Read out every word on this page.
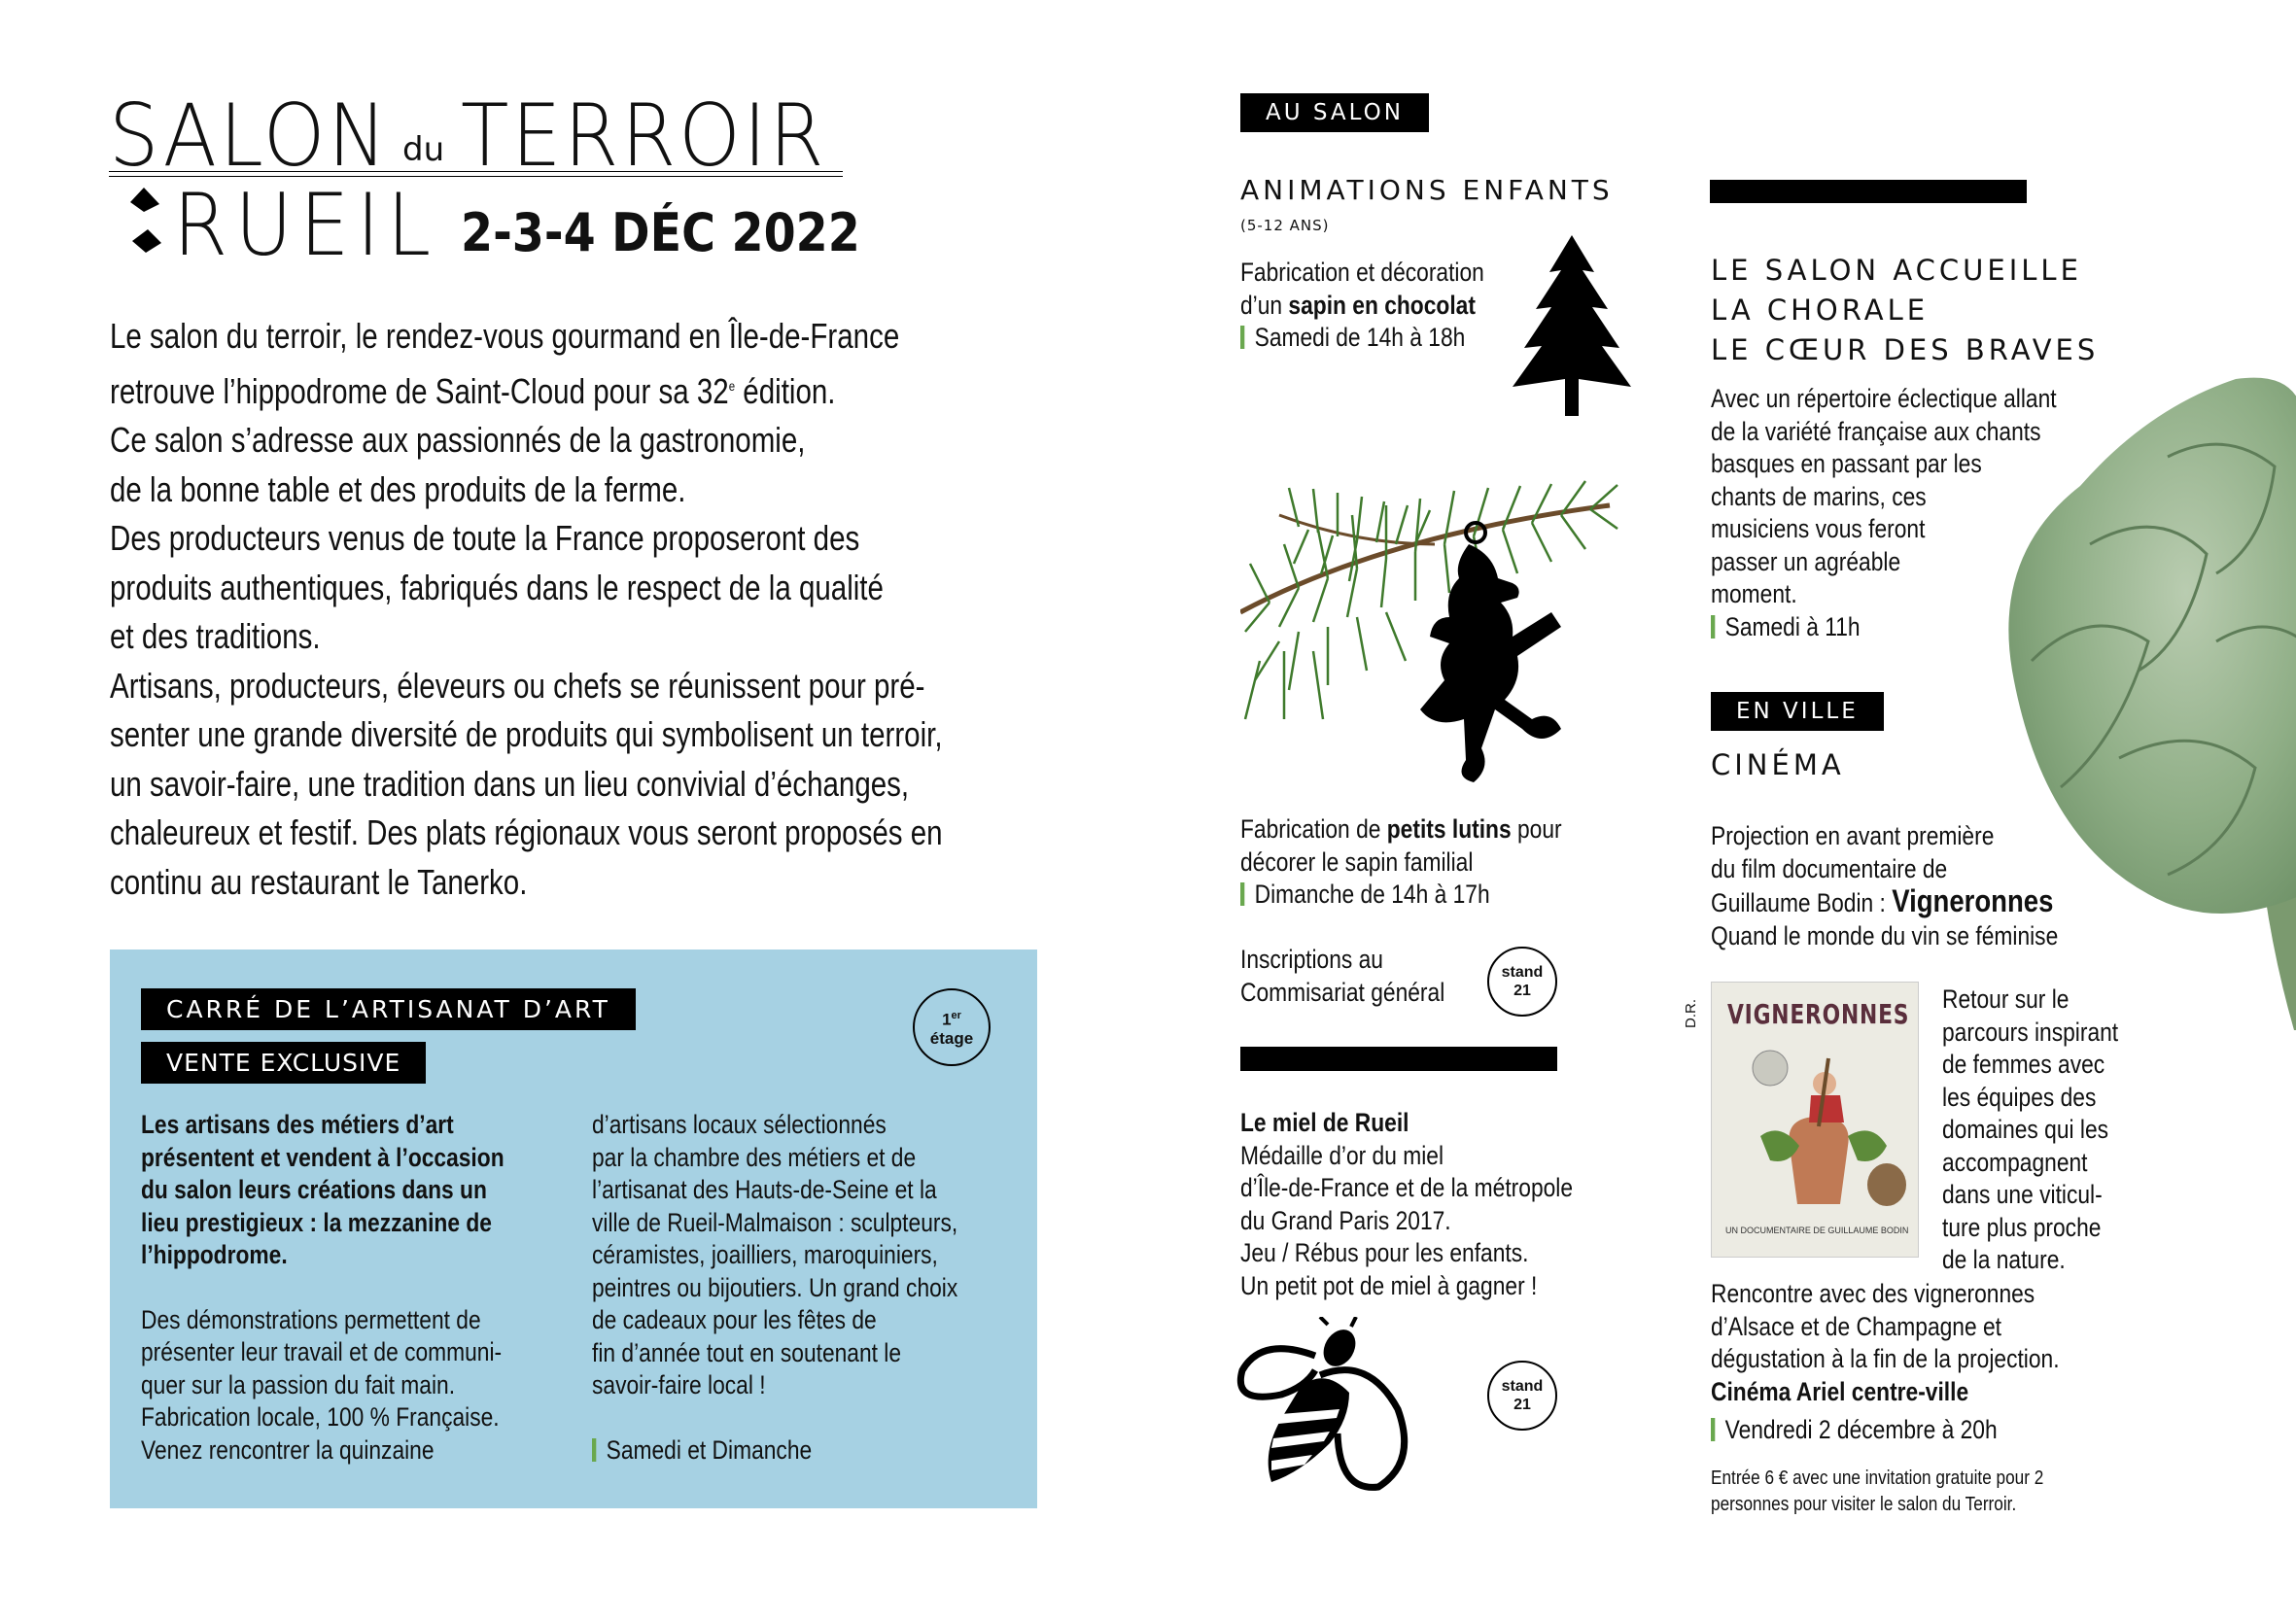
SALON du TERROIR
RUEIL 2-3-4 DÉC 2022
Le salon du terroir, le rendez-vous gourmand en Île-de-France
retrouve l’hippodrome de Saint-Cloud pour sa 32e édition.
Ce salon s’adresse aux passionnés de la gastronomie,
de la bonne table et des produits de la ferme.
Des producteurs venus de toute la France proposeront des
produits authentiques, fabriqués dans le respect de la qualité
et des traditions.
Artisans, producteurs, éleveurs ou chefs se réunissent pour pré-
senter une grande diversité de produits qui symbolisent un terroir,
un savoir-faire, une tradition dans un lieu convivial d’échanges,
chaleureux et festif. Des plats régionaux vous seront proposés en
continu au restaurant le Tanerko.
CARRÉ DE L’ARTISANAT D’ART
VENTE EXCLUSIVE
1er
étage
Les artisans des métiers d’art
présentent et vendent à l’occasion
du salon leurs créations dans un
lieu prestigieux : la mezzanine de
l’hippodrome.
Des démonstrations permettent de
présenter leur travail et de communi-
quer sur la passion du fait main.
Fabrication locale, 100 % Française.
Venez rencontrer la quinzaine
d’artisans locaux sélectionnés
par la chambre des métiers et de
l’artisanat des Hauts-de-Seine et la
ville de Rueil-Malmaison : sculpteurs,
céramistes, joailliers, maroquiniers,
peintres ou bijoutiers. Un grand choix
de cadeaux pour les fêtes de
fin d’année tout en soutenant le
savoir-faire local !
Samedi et Dimanche
AU SALON
ANIMATIONS ENFANTS
(5-12 ANS)
Fabrication et décoration
d’un sapin en chocolat
Samedi de 14h à 18h
Fabrication de petits lutins pour
décorer le sapin familial
Dimanche de 14h à 17h
Inscriptions au
Commisariat général
stand
21
Le miel de Rueil
Médaille d’or du miel
d’Île-de-France et de la métropole
du Grand Paris 2017.
Jeu / Rébus pour les enfants.
Un petit pot de miel à gagner !
stand
21
LE SALON ACCUEILLE
LA CHORALE
LE CŒUR DES BRAVES
Avec un répertoire éclectique allant
de la variété française aux chants
basques en passant par les
chants de marins, ces
musiciens vous feront
passer un agréable
moment.
Samedi à 11h
EN VILLE
CINÉMA
Projection en avant première
du film documentaire de
Guillaume Bodin : Vigneronnes
Quand le monde du vin se féminise
D.R. VIGNERONNES
UN DOCUMENTAIRE DE GUILLAUME BODIN
Retour sur le
parcours inspirant
de femmes avec
les équipes des
domaines qui les
accompagnent
dans une viticul-
ture plus proche
de la nature.
Rencontre avec des vigneronnes
d’Alsace et de Champagne et
dégustation à la fin de la projection.
Cinéma Ariel centre-ville
Vendredi 2 décembre à 20h
Entrée 6 € avec une invitation gratuite pour 2
personnes pour visiter le salon du Terroir.
